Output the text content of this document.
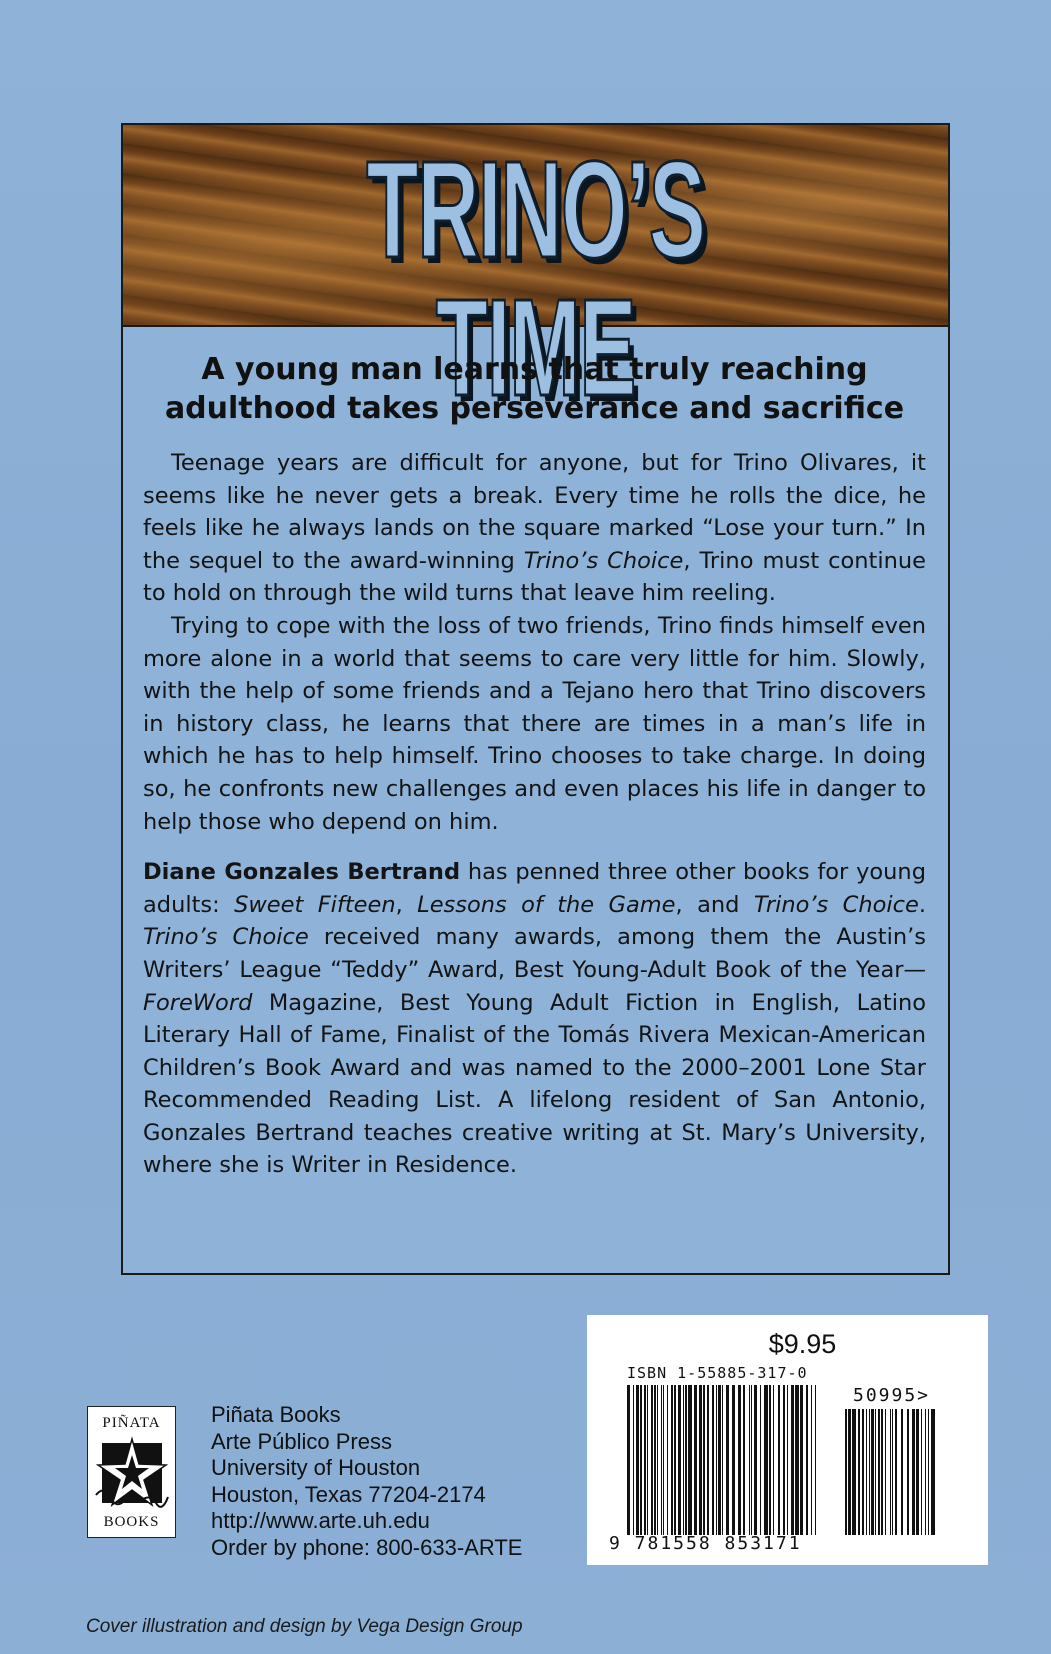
TRINO’S TIME

A young man learns that truly reaching adulthood takes perseverance and sacrifice

Teenage years are difficult for anyone, but for Trino Olivares, it seems like he never gets a break. Every time he rolls the dice, he feels like he always lands on the square marked “Lose your turn.” In the sequel to the award-winning Trino’s Choice, Trino must continue to hold on through the wild turns that leave him reeling.

Trying to cope with the loss of two friends, Trino finds himself even more alone in a world that seems to care very little for him. Slowly, with the help of some friends and a Tejano hero that Trino discovers in history class, he learns that there are times in a man’s life in which he has to help himself. Trino chooses to take charge. In doing so, he confronts new challenges and even places his life in danger to help those who depend on him.

Diane Gonzales Bertrand has penned three other books for young adults: Sweet Fifteen, Lessons of the Game, and Trino’s Choice. Trino’s Choice received many awards, among them the Austin’s Writers’ League “Teddy” Award, Best Young-Adult Book of the Year—ForeWord Magazine, Best Young Adult Fiction in English, Latino Literary Hall of Fame, Finalist of the Tomás Rivera Mexican-American Children’s Book Award and was named to the 2000–2001 Lone Star Recommended Reading List. A lifelong resident of San Antonio, Gonzales Bertrand teaches creative writing at St. Mary’s University, where she is Writer in Residence.

$9.95
ISBN 1-55885-317-0
50995>
9 781558 853171
PIÑATA
BOOKS
Piñata Books
Arte Público Press
University of Houston
Houston, Texas 77204-2174
http://www.arte.uh.edu
Order by phone: 800-633-ARTE
Cover illustration and design by Vega Design Group
